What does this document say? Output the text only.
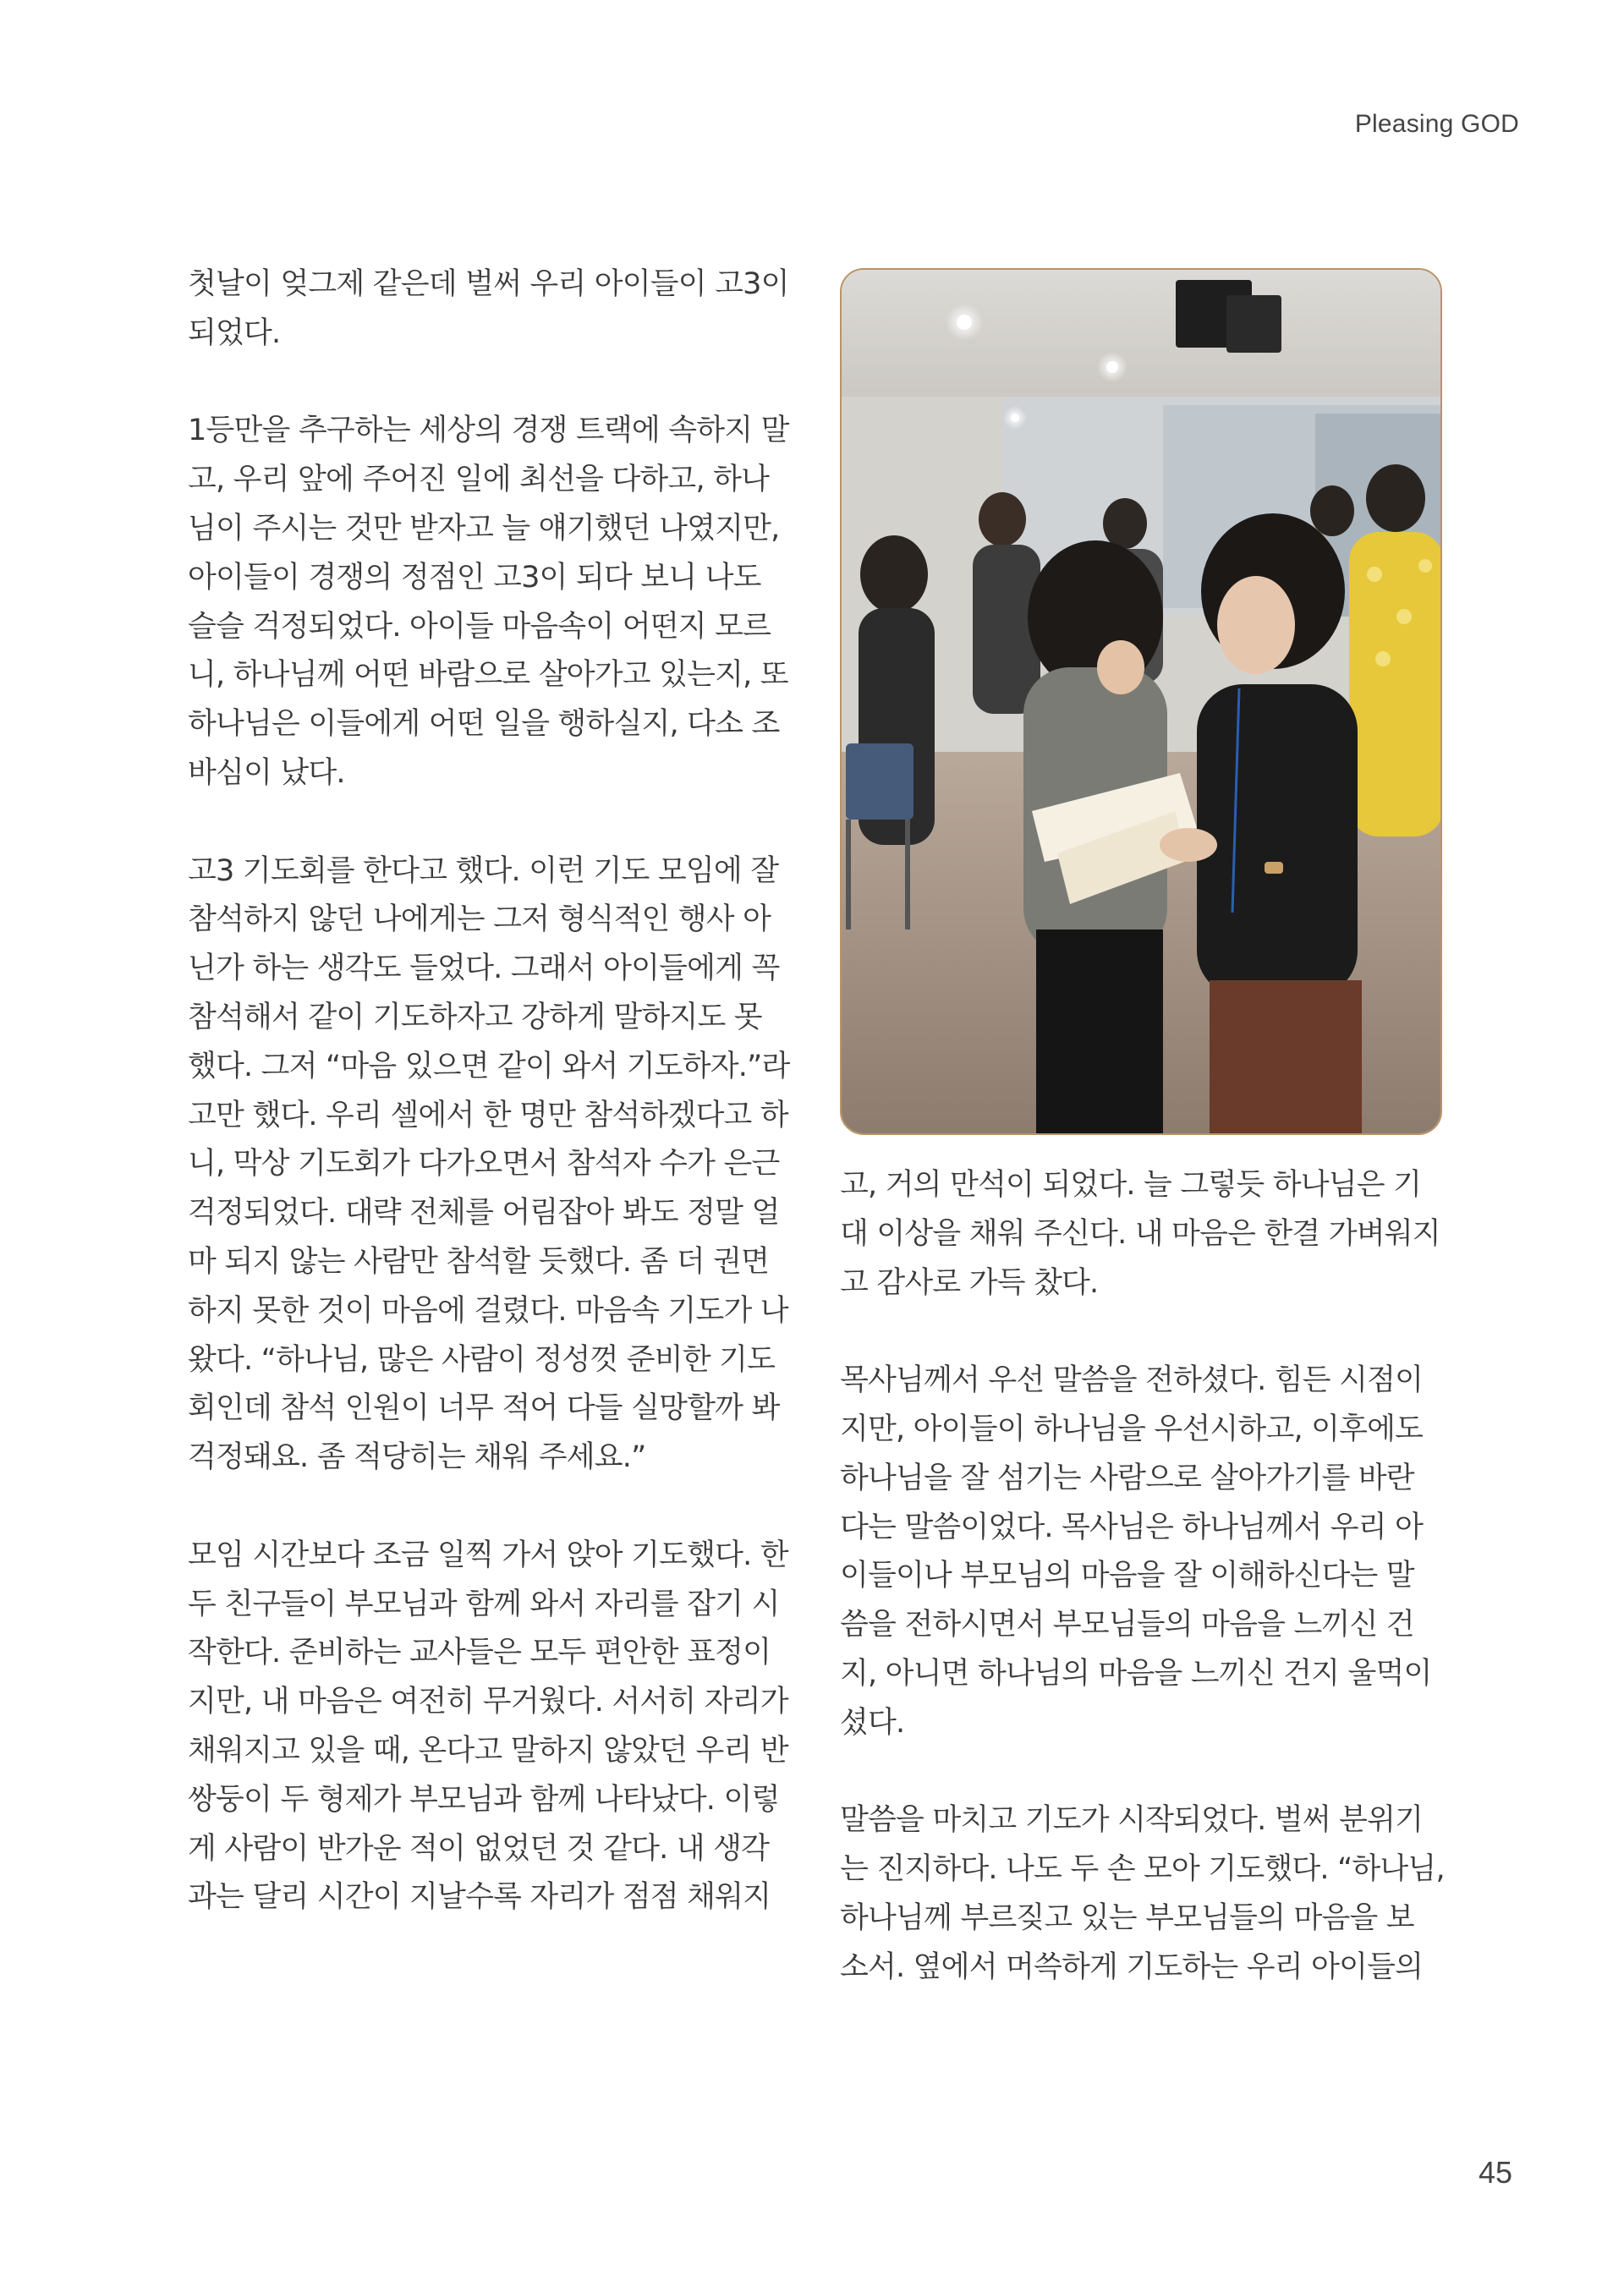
Pleasing GOD
첫날이 엊그제 같은데 벌써 우리 아이들이 고3이
되었다.
1등만을 추구하는 세상의 경쟁 트랙에 속하지 말
고, 우리 앞에 주어진 일에 최선을 다하고, 하나
님이 주시는 것만 받자고 늘 얘기했던 나였지만,
아이들이 경쟁의 정점인 고3이 되다 보니 나도
슬슬 걱정되었다. 아이들 마음속이 어떤지 모르
니, 하나님께 어떤 바람으로 살아가고 있는지, 또
하나님은 이들에게 어떤 일을 행하실지, 다소 조
바심이 났다.
고3 기도회를 한다고 했다. 이런 기도 모임에 잘
참석하지 않던 나에게는 그저 형식적인 행사 아
닌가 하는 생각도 들었다. 그래서 아이들에게 꼭
참석해서 같이 기도하자고 강하게 말하지도 못
했다. 그저 “마음 있으면 같이 와서 기도하자.”라
고만 했다. 우리 셀에서 한 명만 참석하겠다고 하
니, 막상 기도회가 다가오면서 참석자 수가 은근
걱정되었다. 대략 전체를 어림잡아 봐도 정말 얼
마 되지 않는 사람만 참석할 듯했다. 좀 더 권면
하지 못한 것이 마음에 걸렸다. 마음속 기도가 나
왔다. “하나님, 많은 사람이 정성껏 준비한 기도
회인데 참석 인원이 너무 적어 다들 실망할까 봐
걱정돼요. 좀 적당히는 채워 주세요.”
모임 시간보다 조금 일찍 가서 앉아 기도했다. 한
두 친구들이 부모님과 함께 와서 자리를 잡기 시
작한다. 준비하는 교사들은 모두 편안한 표정이
지만, 내 마음은 여전히 무거웠다. 서서히 자리가
채워지고 있을 때, 온다고 말하지 않았던 우리 반
쌍둥이 두 형제가 부모님과 함께 나타났다. 이렇
게 사람이 반가운 적이 없었던 것 같다. 내 생각
과는 달리 시간이 지날수록 자리가 점점 채워지
고, 거의 만석이 되었다. 늘 그렇듯 하나님은 기
대 이상을 채워 주신다. 내 마음은 한결 가벼워지
고 감사로 가득 찼다.
목사님께서 우선 말씀을 전하셨다. 힘든 시점이
지만, 아이들이 하나님을 우선시하고, 이후에도
하나님을 잘 섬기는 사람으로 살아가기를 바란
다는 말씀이었다. 목사님은 하나님께서 우리 아
이들이나 부모님의 마음을 잘 이해하신다는 말
씀을 전하시면서 부모님들의 마음을 느끼신 건
지, 아니면 하나님의 마음을 느끼신 건지 울먹이
셨다.
말씀을 마치고 기도가 시작되었다. 벌써 분위기
는 진지하다. 나도 두 손 모아 기도했다. “하나님,
하나님께 부르짖고 있는 부모님들의 마음을 보
소서. 옆에서 머쓱하게 기도하는 우리 아이들의
45
